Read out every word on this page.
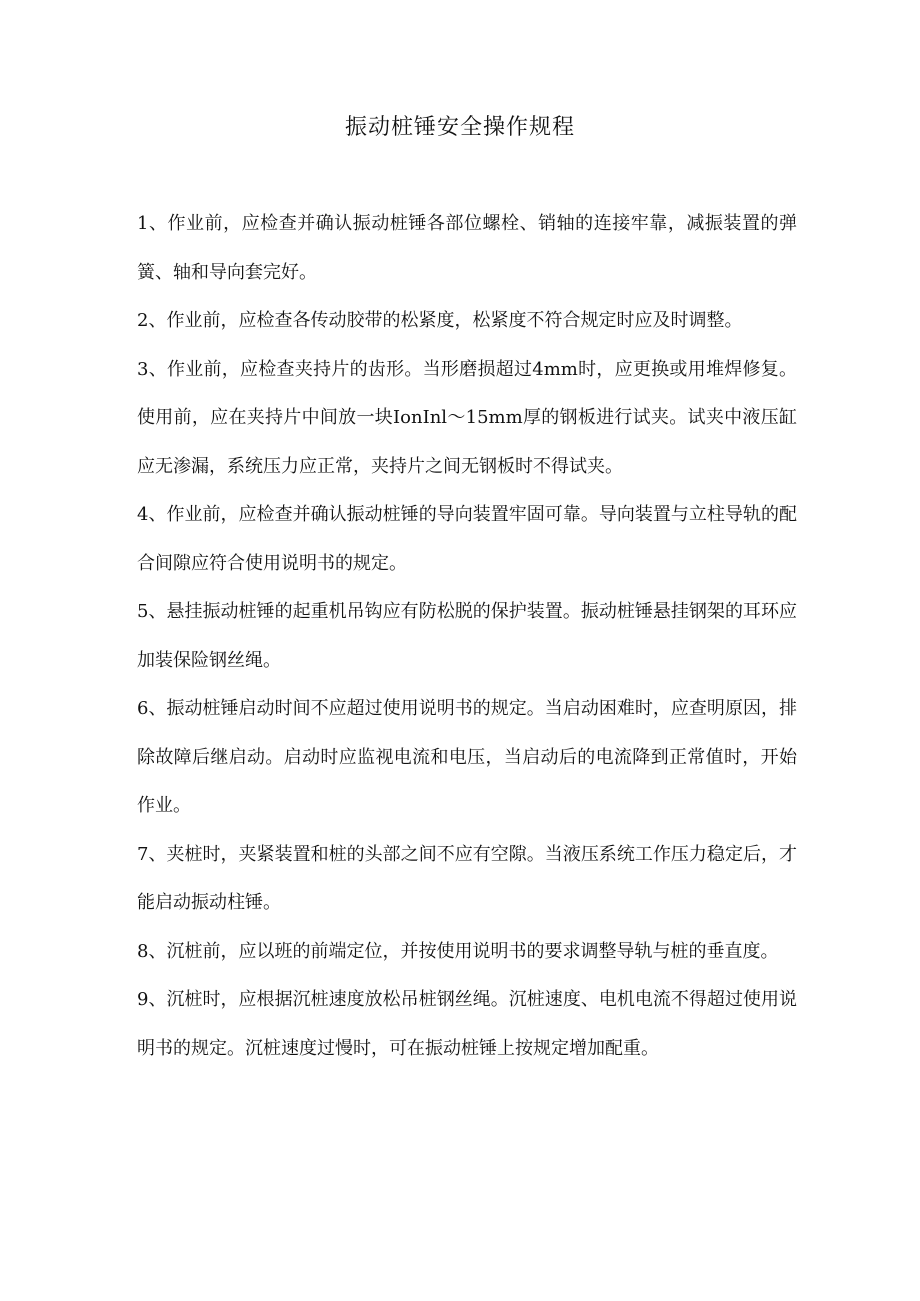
振动桩锤安全操作规程

1、作业前，应检查并确认振动桩锤各部位螺栓、销轴的连接牢靠，减振装置的弹簧、轴和导向套完好。

2、作业前，应检查各传动胶带的松紧度，松紧度不符合规定时应及时调整。

3、作业前，应检查夹持片的齿形。当形磨损超过4mm时，应更换或用堆焊修复。使用前，应在夹持片中间放一块IonInl～15mm厚的钢板进行试夹。试夹中液压缸应无渗漏，系统压力应正常，夹持片之间无钢板时不得试夹。

4、作业前，应检查并确认振动桩锤的导向装置牢固可靠。导向装置与立柱导轨的配合间隙应符合使用说明书的规定。

5、悬挂振动桩锤的起重机吊钩应有防松脱的保护装置。振动桩锤悬挂钢架的耳环应加装保险钢丝绳。

6、振动桩锤启动时间不应超过使用说明书的规定。当启动困难时，应查明原因，排除故障后继启动。启动时应监视电流和电压，当启动后的电流降到正常值时，开始作业。

7、夹桩时，夹紧装置和桩的头部之间不应有空隙。当液压系统工作压力稳定后，才能启动振动柱锤。

8、沉桩前，应以班的前端定位，并按使用说明书的要求调整导轨与桩的垂直度。

9、沉桩时，应根据沉桩速度放松吊桩钢丝绳。沉桩速度、电机电流不得超过使用说明书的规定。沉桩速度过慢时，可在振动桩锤上按规定增加配重。
